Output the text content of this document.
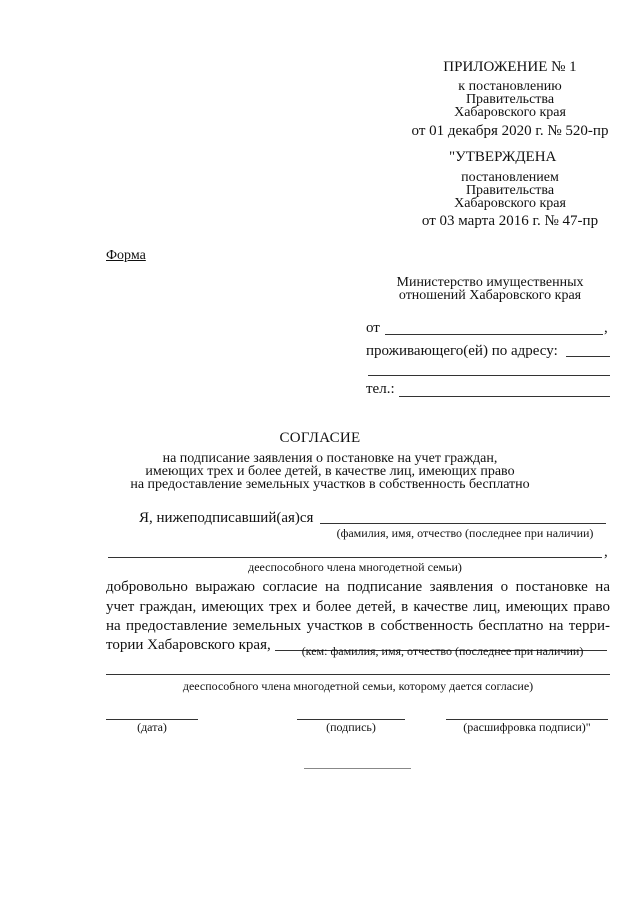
ПРИЛОЖЕНИЕ № 1
к постановлению
Правительства
Хабаровского края
от 01 декабря 2020 г. № 520-пр
"УТВЕРЖДЕНА
постановлением
Правительства
Хабаровского края
от 03 марта 2016 г. № 47-пр
Форма
Министерство имущественных
отношений Хабаровского края
от	,
проживающего(ей) по адресу:
тел.:
СОГЛАСИЕ
на подписание заявления о постановке на учет граждан,
имеющих трех и более детей, в качестве лиц, имеющих право
на предоставление земельных участков в собственность бесплатно
Я, нижеподписавший(ая)ся
(фамилия, имя, отчество (последнее при наличии)
,
дееспособного члена многодетной семьи)
добровольно выражаю согласие на подписание заявления о постановке на
учет граждан, имеющих трех и более детей, в качестве лиц, имеющих право
на предоставление земельных участков в собственность бесплатно на терри-
тории Хабаровского края,	(кем: фамилия, имя, отчество (последнее при наличии)
дееспособного члена многодетной семьи, которому дается согласие)
(дата)	(подпись)	(расшифровка подписи)"
